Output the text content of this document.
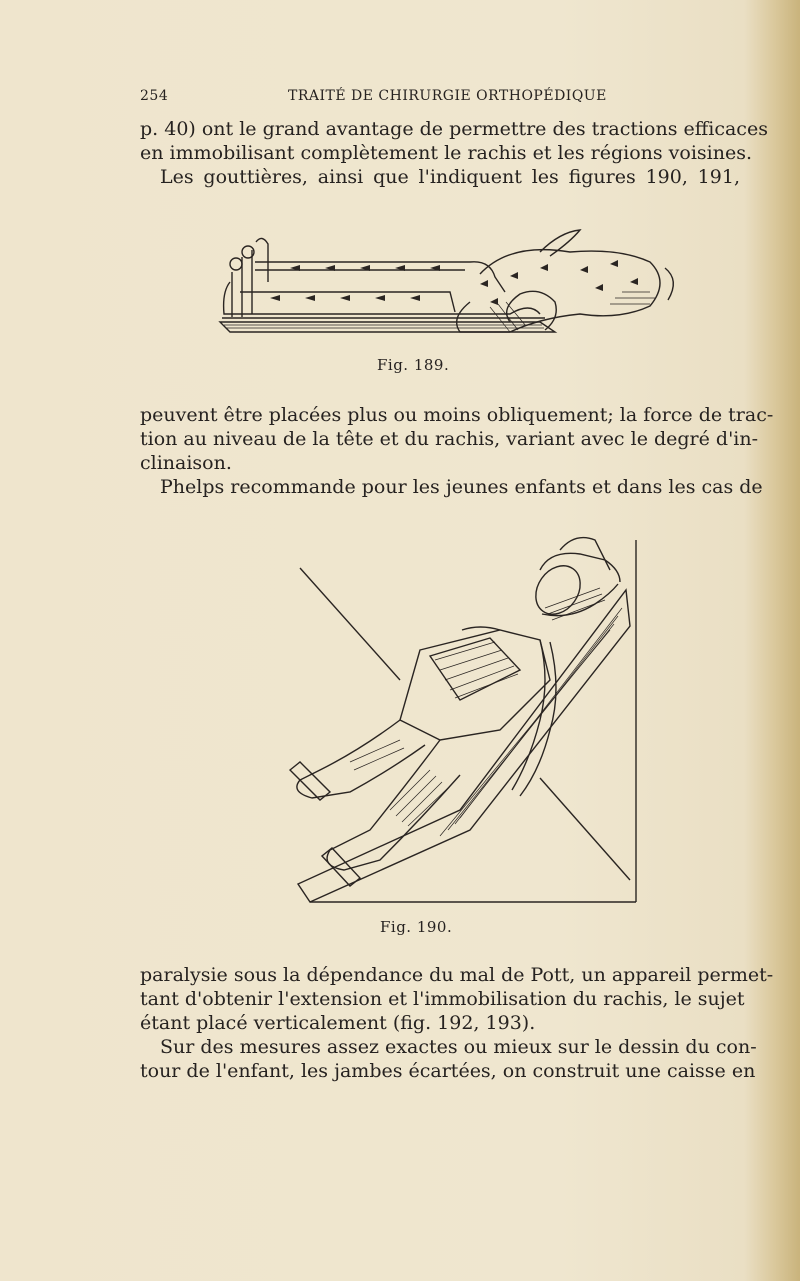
254	TRAITÉ DE CHIRURGIE ORTHOPÉDIQUE
p. 40) ont le grand avantage de permettre des tractions efficaces
en immobilisant complètement le rachis et les régions voisines.
Les gouttières, ainsi que l'indiquent les figures 190, 191,
Fig. 189.
peuvent être placées plus ou moins obliquement; la force de trac-
tion au niveau de la tête et du rachis, variant avec le degré d'in-
clinaison.
Phelps recommande pour les jeunes enfants et dans les cas de
Fig. 190.
paralysie sous la dépendance du mal de Pott, un appareil permet-
tant d'obtenir l'extension et l'immobilisation du rachis, le sujet
étant placé verticalement (fig. 192, 193).
Sur des mesures assez exactes ou mieux sur le dessin du con-
tour de l'enfant, les jambes écartées, on construit une caisse en
